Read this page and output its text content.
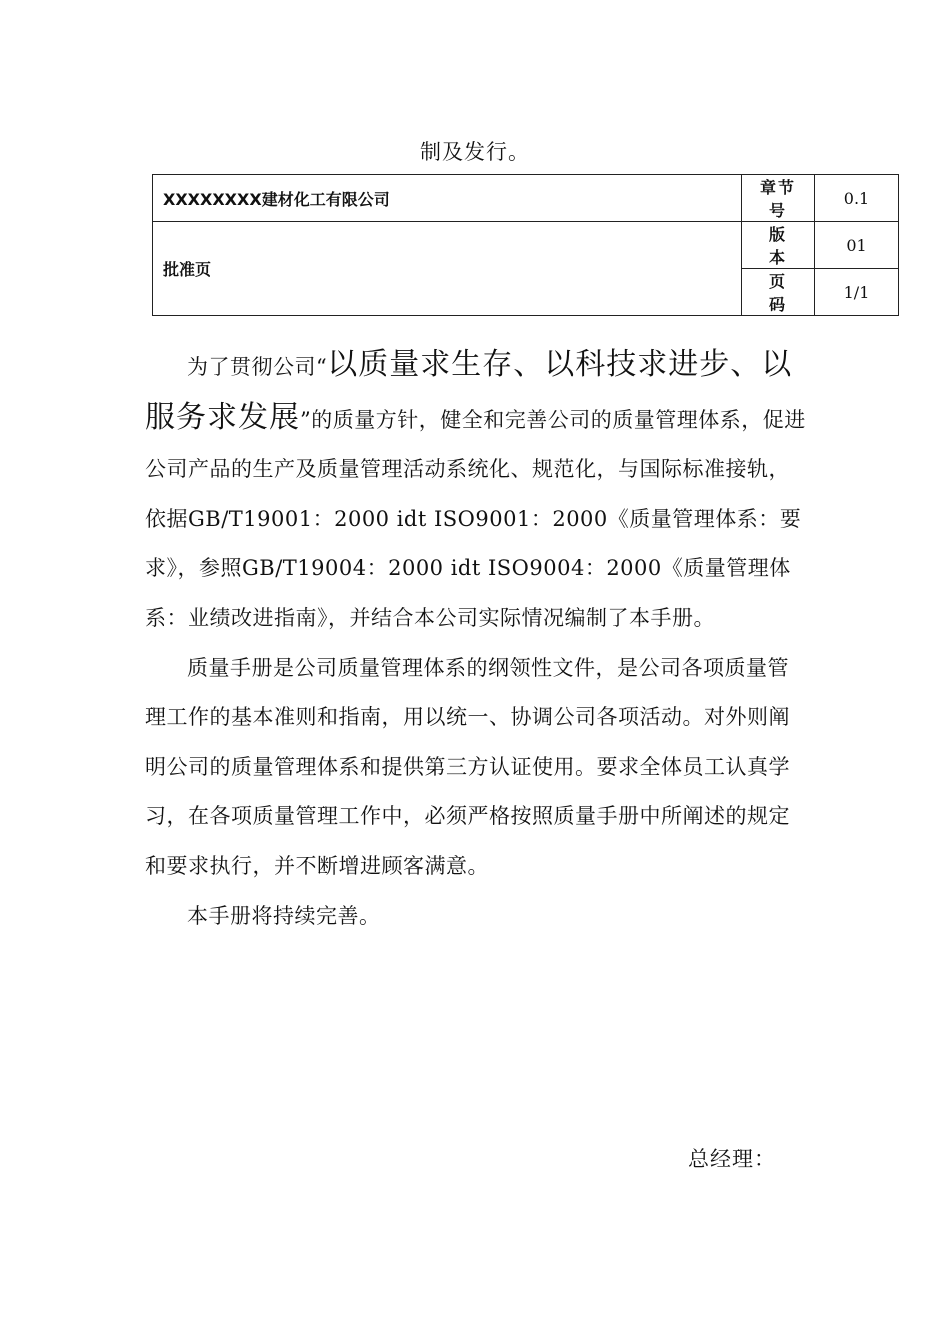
制及发行。
XXXXXXXX建材化工有限公司	章节号	0.1
批准页	版　本	01
	页　码	1/1

为了贯彻公司“以质量求生存、以科技求进步、以服务求发展”的质量方针，健全和完善公司的质量管理体系，促进公司产品的生产及质量管理活动系统化、规范化，与国际标准接轨，依据GB/T19001：2000 idt ISO9001：2000《质量管理体系：要求》，参照GB/T19004：2000 idt ISO9004：2000《质量管理体系：业绩改进指南》，并结合本公司实际情况编制了本手册。

质量手册是公司质量管理体系的纲领性文件，是公司各项质量管理工作的基本准则和指南，用以统一、协调公司各项活动。对外则阐明公司的质量管理体系和提供第三方认证使用。要求全体员工认真学习，在各项质量管理工作中，必须严格按照质量手册中所阐述的规定和要求执行，并不断增进顾客满意。

本手册将持续完善。

总经理：
